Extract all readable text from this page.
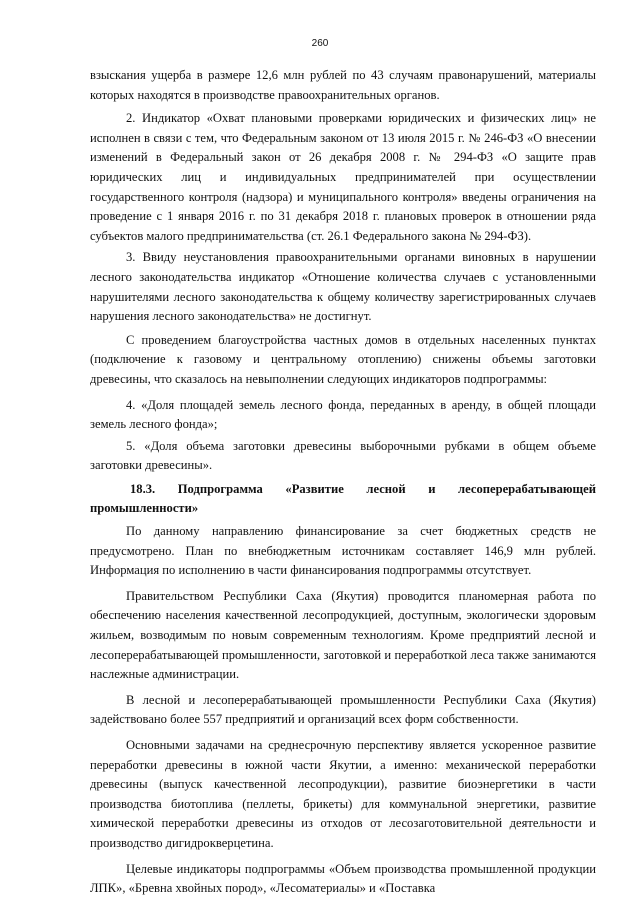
260

взыскания ущерба в размере 12,6 млн рублей по 43 случаям правонарушений, материалы которых находятся в производстве правоохранительных органов.

2. Индикатор «Охват плановыми проверками юридических и физических лиц» не исполнен в связи с тем, что Федеральным законом от 13 июля 2015 г. № 246-ФЗ «О внесении изменений в Федеральный закон от 26 декабря 2008 г. № 294-ФЗ «О защите прав юридических лиц и индивидуальных предпринимателей при осуществлении государственного контроля (надзора) и муниципального контроля» введены ограничения на проведение с 1 января 2016 г. по 31 декабря 2018 г. плановых проверок в отношении ряда субъектов малого предпринимательства (ст. 26.1 Федерального закона № 294-ФЗ).

3. Ввиду неустановления правоохранительными органами виновных в нарушении лесного законодательства индикатор «Отношение количества случаев с установленными нарушителями лесного законодательства к общему количеству зарегистрированных случаев нарушения лесного законодательства» не достигнут.

С проведением благоустройства частных домов в отдельных населенных пунктах (подключение к газовому и центральному отоплению) снижены объемы заготовки древесины, что сказалось на невыполнении следующих индикаторов подпрограммы:

4. «Доля площадей земель лесного фонда, переданных в аренду, в общей площади земель лесного фонда»;

5. «Доля объема заготовки древесины выборочными рубками в общем объеме заготовки древесины».

18.3. Подпрограмма «Развитие лесной и лесоперерабатывающей
промышленности»

По данному направлению финансирование за счет бюджетных средств не предусмотрено. План по внебюджетным источникам составляет 146,9 млн рублей. Информация по исполнению в части финансирования подпрограммы отсутствует.

Правительством Республики Саха (Якутия) проводится планомерная работа по обеспечению населения качественной лесопродукцией, доступным, экологически здоровым жильем, возводимым по новым современным технологиям. Кроме предприятий лесной и лесоперерабатывающей промышленности, заготовкой и переработкой леса также занимаются наслежные администрации.

В лесной и лесоперерабатывающей промышленности Республики Саха (Якутия) задействовано более 557 предприятий и организаций всех форм собственности.

Основными задачами на среднесрочную перспективу является ускоренное развитие переработки древесины в южной части Якутии, а именно: механической переработки древесины (выпуск качественной лесопродукции), развитие биоэнергетики в части производства биотоплива (пеллеты, брикеты) для коммунальной энергетики, развитие химической переработки древесины из отходов от лесозаготовительной деятельности и производство дигидрокверцетина.

Целевые индикаторы подпрограммы «Объем производства промышленной продукции ЛПК», «Бревна хвойных пород», «Лесоматериалы» и «Поставка
